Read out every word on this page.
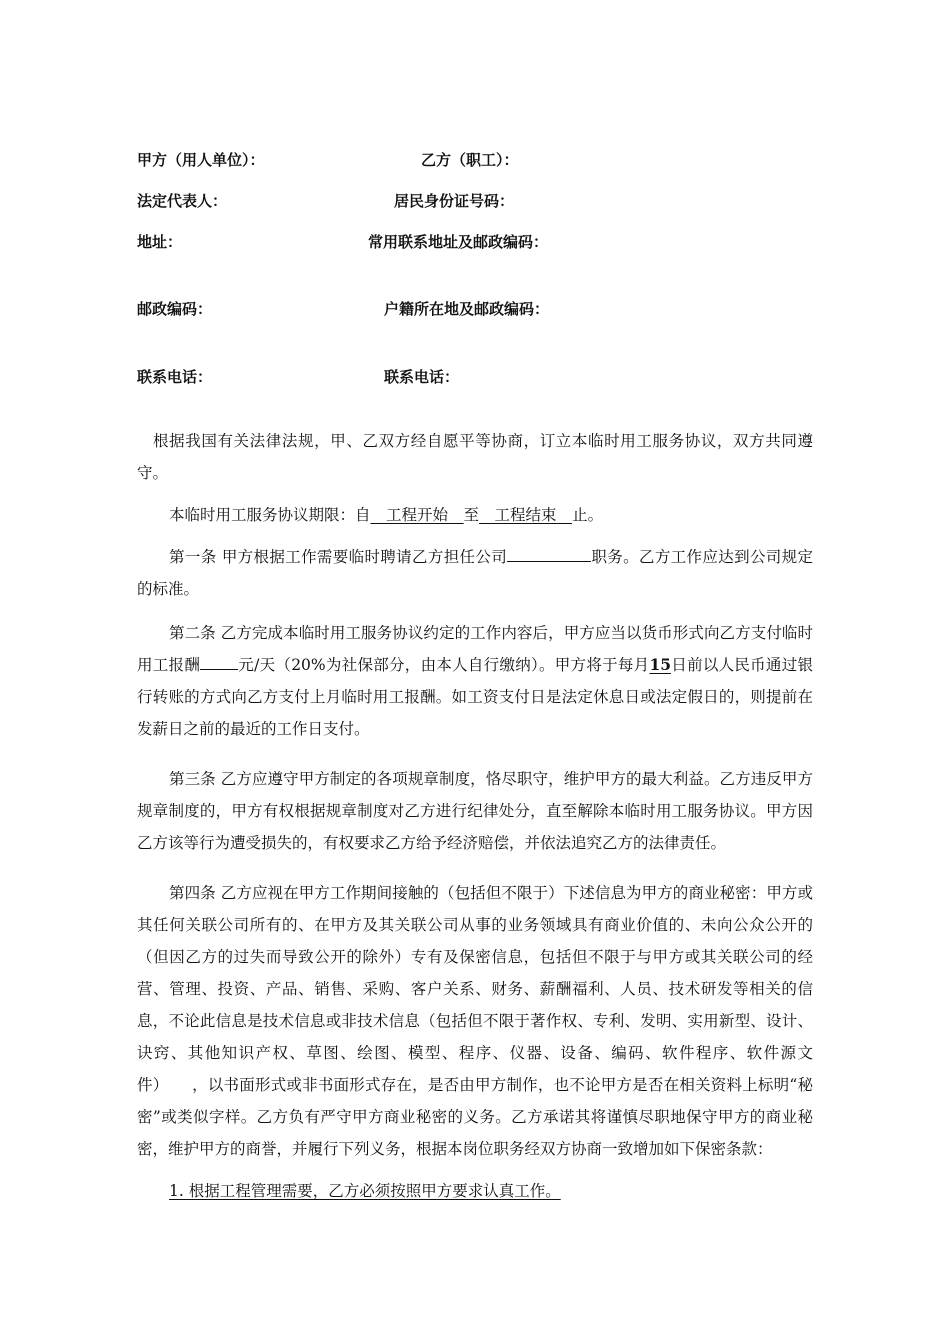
甲方（用人单位）：	乙方（职工）：
法定代表人：	居民身份证号码：
地址：	常用联系地址及邮政编码：
邮政编码：	户籍所在地及邮政编码：
联系电话：	联系电话：

根据我国有关法律法规，甲、乙双方经自愿平等协商，订立本临时用工服务协议，双方共同遵守。

本临时用工服务协议期限：自  工程开始  至  工程结束  止。

第一条 甲方根据工作需要临时聘请乙方担任公司	职务。乙方工作应达到公司规定的标准。

第二条 乙方完成本临时用工服务协议约定的工作内容后，甲方应当以货币形式向乙方支付临时用工报酬 元/天（20%为社保部分，由本人自行缴纳）。甲方将于每月15日前以人民币通过银行转账的方式向乙方支付上月临时用工报酬。如工资支付日是法定休息日或法定假日的，则提前在发薪日之前的最近的工作日支付。

第三条 乙方应遵守甲方制定的各项规章制度，恪尽职守，维护甲方的最大利益。乙方违反甲方规章制度的，甲方有权根据规章制度对乙方进行纪律处分，直至解除本临时用工服务协议。甲方因乙方该等行为遭受损失的，有权要求乙方给予经济赔偿，并依法追究乙方的法律责任。

第四条 乙方应视在甲方工作期间接触的（包括但不限于）下述信息为甲方的商业秘密：甲方或其任何关联公司所有的、在甲方及其关联公司从事的业务领域具有商业价值的、未向公众公开的（但因乙方的过失而导致公开的除外）专有及保密信息，包括但不限于与甲方或其关联公司的经营、管理、投资、产品、销售、采购、客户关系、财务、薪酬福利、人员、技术研发等相关的信息，不论此信息是技术信息或非技术信息（包括但不限于著作权、专利、发明、实用新型、设计、诀窍、其他知识产权、草图、绘图、模型、程序、仪器、设备、编码、软件程序、软件源文件）　　，以书面形式或非书面形式存在，是否由甲方制作，也不论甲方是否在相关资料上标明“秘密”或类似字样。乙方负有严守甲方商业秘密的义务。乙方承诺其将谨慎尽职地保守甲方的商业秘密，维护甲方的商誉，并履行下列义务，根据本岗位职务经双方协商一致增加如下保密条款：

1. 根据工程管理需要，乙方必须按照甲方要求认真工作。
